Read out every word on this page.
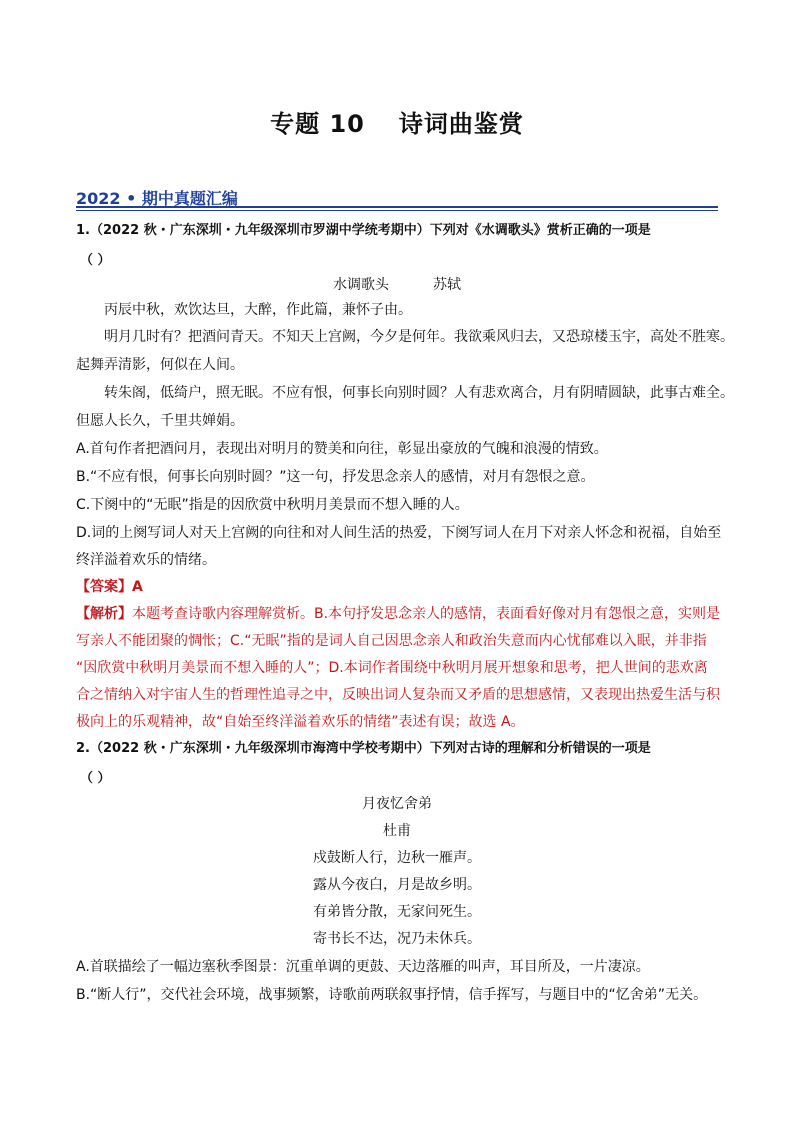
专题 10 诗词曲鉴赏
2022 • 期中真题汇编
1.（2022 秋・广东深圳・九年级深圳市罗湖中学统考期中）下列对《水调歌头》赏析正确的一项是
（ ）
水调歌头	苏轼
丙辰中秋，欢饮达旦，大醉，作此篇，兼怀子由。
明月几时有？把酒问青天。不知天上宫阙，今夕是何年。我欲乘风归去，又恐琼楼玉宇，高处不胜寒。
起舞弄清影，何似在人间。
转朱阁，低绮户，照无眠。不应有恨，何事长向别时圆？人有悲欢离合，月有阴晴圆缺，此事古难全。
但愿人长久，千里共婵娟。
A.首句作者把酒问月，表现出对明月的赞美和向往，彰显出豪放的气魄和浪漫的情致。
B.“不应有恨，何事长向别时圆？”这一句，抒发思念亲人的感情，对月有怨恨之意。
C.下阕中的“无眠”指是的因欣赏中秋明月美景而不想入睡的人。
D.词的上阕写词人对天上宫阙的向往和对人间生活的热爱，下阕写词人在月下对亲人怀念和祝福，自始至
终洋溢着欢乐的情绪。
【答案】A
【解析】本题考查诗歌内容理解赏析。B.本句抒发思念亲人的感情，表面看好像对月有怨恨之意，实则是
写亲人不能团聚的惆怅；C.“无眠”指的是词人自己因思念亲人和政治失意而内心忧郁难以入眠，并非指
“因欣赏中秋明月美景而不想入睡的人”；D.本词作者围绕中秋明月展开想象和思考，把人世间的悲欢离
合之情纳入对宇宙人生的哲理性追寻之中，反映出词人复杂而又矛盾的思想感情，又表现出热爱生活与积
极向上的乐观精神，故“自始至终洋溢着欢乐的情绪”表述有误；故选 A。
2.（2022 秋・广东深圳・九年级深圳市海湾中学校考期中）下列对古诗的理解和分析错误的一项是
（ ）
月夜忆舍弟
杜甫
戍鼓断人行，边秋一雁声。
露从今夜白，月是故乡明。
有弟皆分散，无家问死生。
寄书长不达，况乃未休兵。
A.首联描绘了一幅边塞秋季图景：沉重单调的更鼓、天边落雁的叫声，耳目所及，一片凄凉。
B.“断人行”，交代社会环境，战事频繁，诗歌前两联叙事抒情，信手挥写，与题目中的“忆舍弟”无关。
